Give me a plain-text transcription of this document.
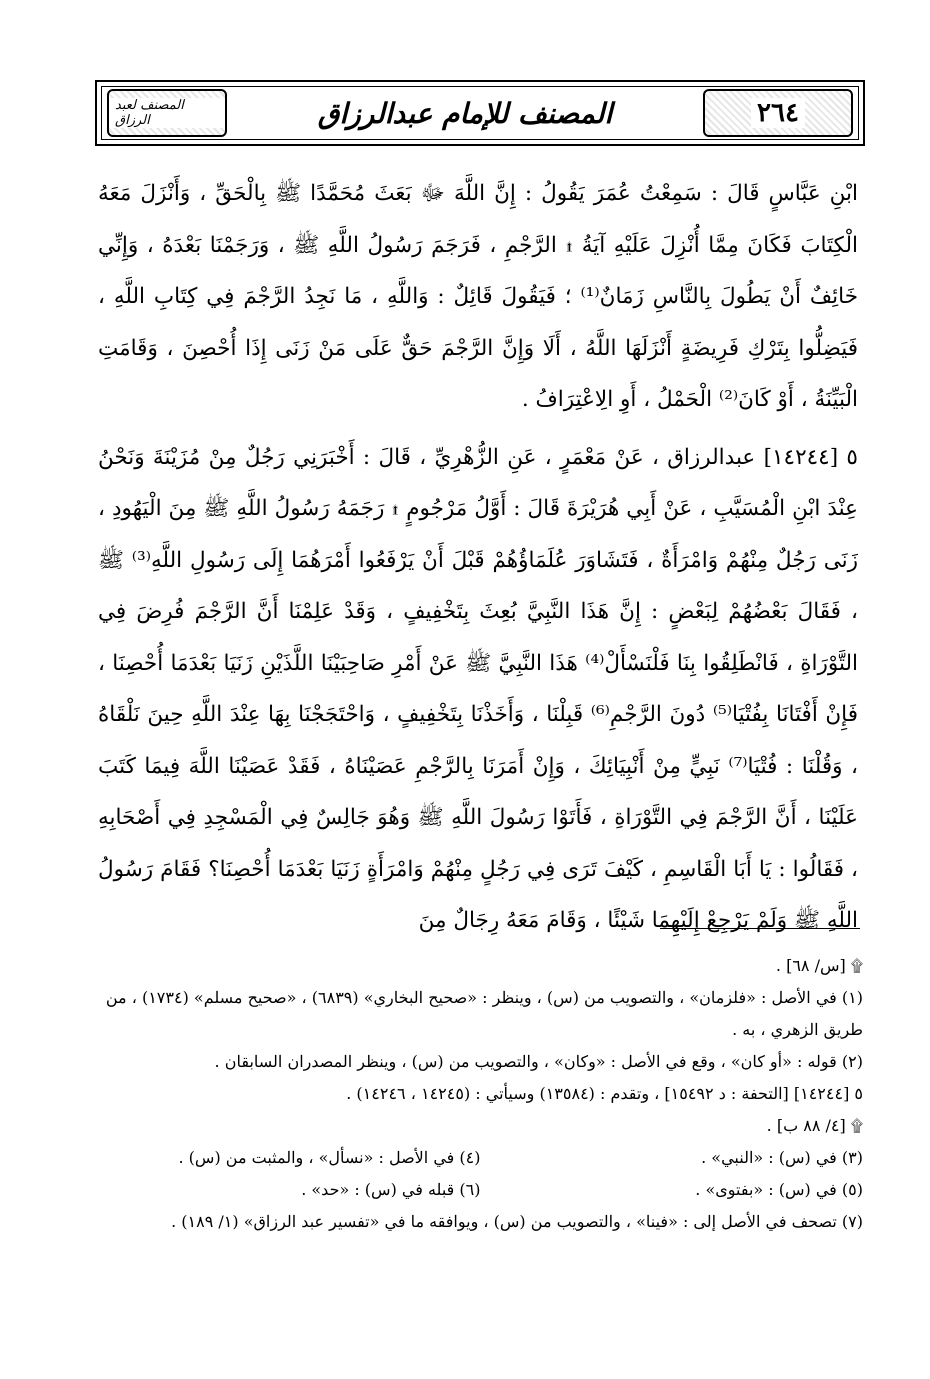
المصنف لعبد الرزاق	المصنف للإمام عبدالرزاق	٢٦٤

ابْنِ عَبَّاسٍ قَالَ : سَمِعْتُ عُمَرَ يَقُولُ : إِنَّ اللَّهَ ﷻ بَعَثَ مُحَمَّدًا ﷺ بِالْحَقِّ ، وَأَنْزَلَ مَعَهُ الْكِتَابَ فَكَانَ مِمَّا أُنْزِلَ عَلَيْهِ آيَةُ ۩ الرَّجْمِ ، فَرَجَمَ رَسُولُ اللَّهِ ﷺ ، وَرَجَمْنَا بَعْدَهُ ، وَإِنِّي خَائِفٌ أَنْ يَطُولَ بِالنَّاسِ زَمَانٌ⁽¹⁾ ؛ فَيَقُولَ قَائِلٌ : وَاللَّهِ ، مَا نَجِدُ الرَّجْمَ فِي كِتَابِ اللَّهِ ، فَيَضِلُّوا بِتَرْكِ فَرِيضَةٍ أَنْزَلَهَا اللَّهُ ، أَلَا وَإِنَّ الرَّجْمَ حَقٌّ عَلَى مَنْ زَنَى إِذَا أُحْصِنَ ، وَقَامَتِ الْبَيِّنَةُ ، أَوْ كَانَ⁽²⁾ الْحَمْلُ ، أَوِ الِاعْتِرَافُ .

٥ [١٤٢٤٤] عبدالرزاق ، عَنْ مَعْمَرٍ ، عَنِ الزُّهْرِيِّ ، قَالَ : أَخْبَرَنِي رَجُلٌ مِنْ مُزَيْنَةَ وَنَحْنُ عِنْدَ ابْنِ الْمُسَيَّبِ ، عَنْ أَبِي هُرَيْرَةَ قَالَ : أَوَّلُ مَرْجُومٍ ۩ رَجَمَهُ رَسُولُ اللَّهِ ﷺ مِنَ الْيَهُودِ ، زَنَى رَجُلٌ مِنْهُمْ وَامْرَأَةٌ ، فَتَشَاوَرَ عُلَمَاؤُهُمْ قَبْلَ أَنْ يَرْفَعُوا أَمْرَهُمَا إِلَى رَسُولِ اللَّهِ⁽³⁾ ﷺ ، فَقَالَ بَعْضُهُمْ لِبَعْضٍ : إِنَّ هَذَا النَّبِيَّ بُعِثَ بِتَخْفِيفٍ ، وَقَدْ عَلِمْنَا أَنَّ الرَّجْمَ فُرِضَ فِي التَّوْرَاةِ ، فَانْطَلِقُوا بِنَا فَلْنَسْأَلْ⁽⁴⁾ هَذَا النَّبِيَّ ﷺ عَنْ أَمْرِ صَاحِبَيْنَا اللَّذَيْنِ زَنَيَا بَعْدَمَا أُحْصِنَا ، فَإِنْ أَفْتَانَا بِفُتْيَا⁽⁵⁾ دُونَ الرَّجْمِ⁽⁶⁾ قَبِلْنَا ، وَأَخَذْنَا بِتَخْفِيفٍ ، وَاحْتَجَجْنَا بِهَا عِنْدَ اللَّهِ حِينَ نَلْقَاهُ ، وَقُلْنَا : فُتْيَا⁽⁷⁾ نَبِيٍّ مِنْ أَنْبِيَائِكَ ، وَإِنْ أَمَرَنَا بِالرَّجْمِ عَصَيْنَاهُ ، فَقَدْ عَصَيْنَا اللَّهَ فِيمَا كَتَبَ عَلَيْنَا ، أَنَّ الرَّجْمَ فِي التَّوْرَاةِ ، فَأَتَوْا رَسُولَ اللَّهِ ﷺ وَهُوَ جَالِسٌ فِي الْمَسْجِدِ فِي أَصْحَابِهِ ، فَقَالُوا : يَا أَبَا الْقَاسِمِ ، كَيْفَ تَرَى فِي رَجُلٍ مِنْهُمْ وَامْرَأَةٍ زَنَيَا بَعْدَمَا أُحْصِنَا؟ فَقَامَ رَسُولُ اللَّهِ ﷺ وَلَمْ يَرْجِعْ إِلَيْهِمَا شَيْئًا ، وَقَامَ مَعَهُ رِجَالٌ مِنَ

۩ [س/ ٦٨] .

(١) في الأصل : «فلزمان» ، والتصويب من (س) ، وينظر : «صحيح البخاري» (٦٨٣٩) ، «صحيح مسلم» (١٧٣٤) ، من طريق الزهري ، به .

(٢) قوله : «أو كان» ، وقع في الأصل : «وكان» ، والتصويب من (س) ، وينظر المصدران السابقان .

٥ [١٤٢٤٤] [التحفة : د ١٥٤٩٢] ، وتقدم : (١٣٥٨٤) وسيأتي : (١٤٢٤٥ ، ١٤٢٤٦) .

۩ [٤/ ٨٨ ب] .

(٣) في (س) : «النبي» .
(٤) في الأصل : «نسأل» ، والمثبت من (س) .
(٥) في (س) : «بفتوى» .
(٦) قبله في (س) : «حد» .

(٧) تصحف في الأصل إلى : «فينا» ، والتصويب من (س) ، ويوافقه ما في «تفسير عبد الرزاق» (١/ ١٨٩) .
